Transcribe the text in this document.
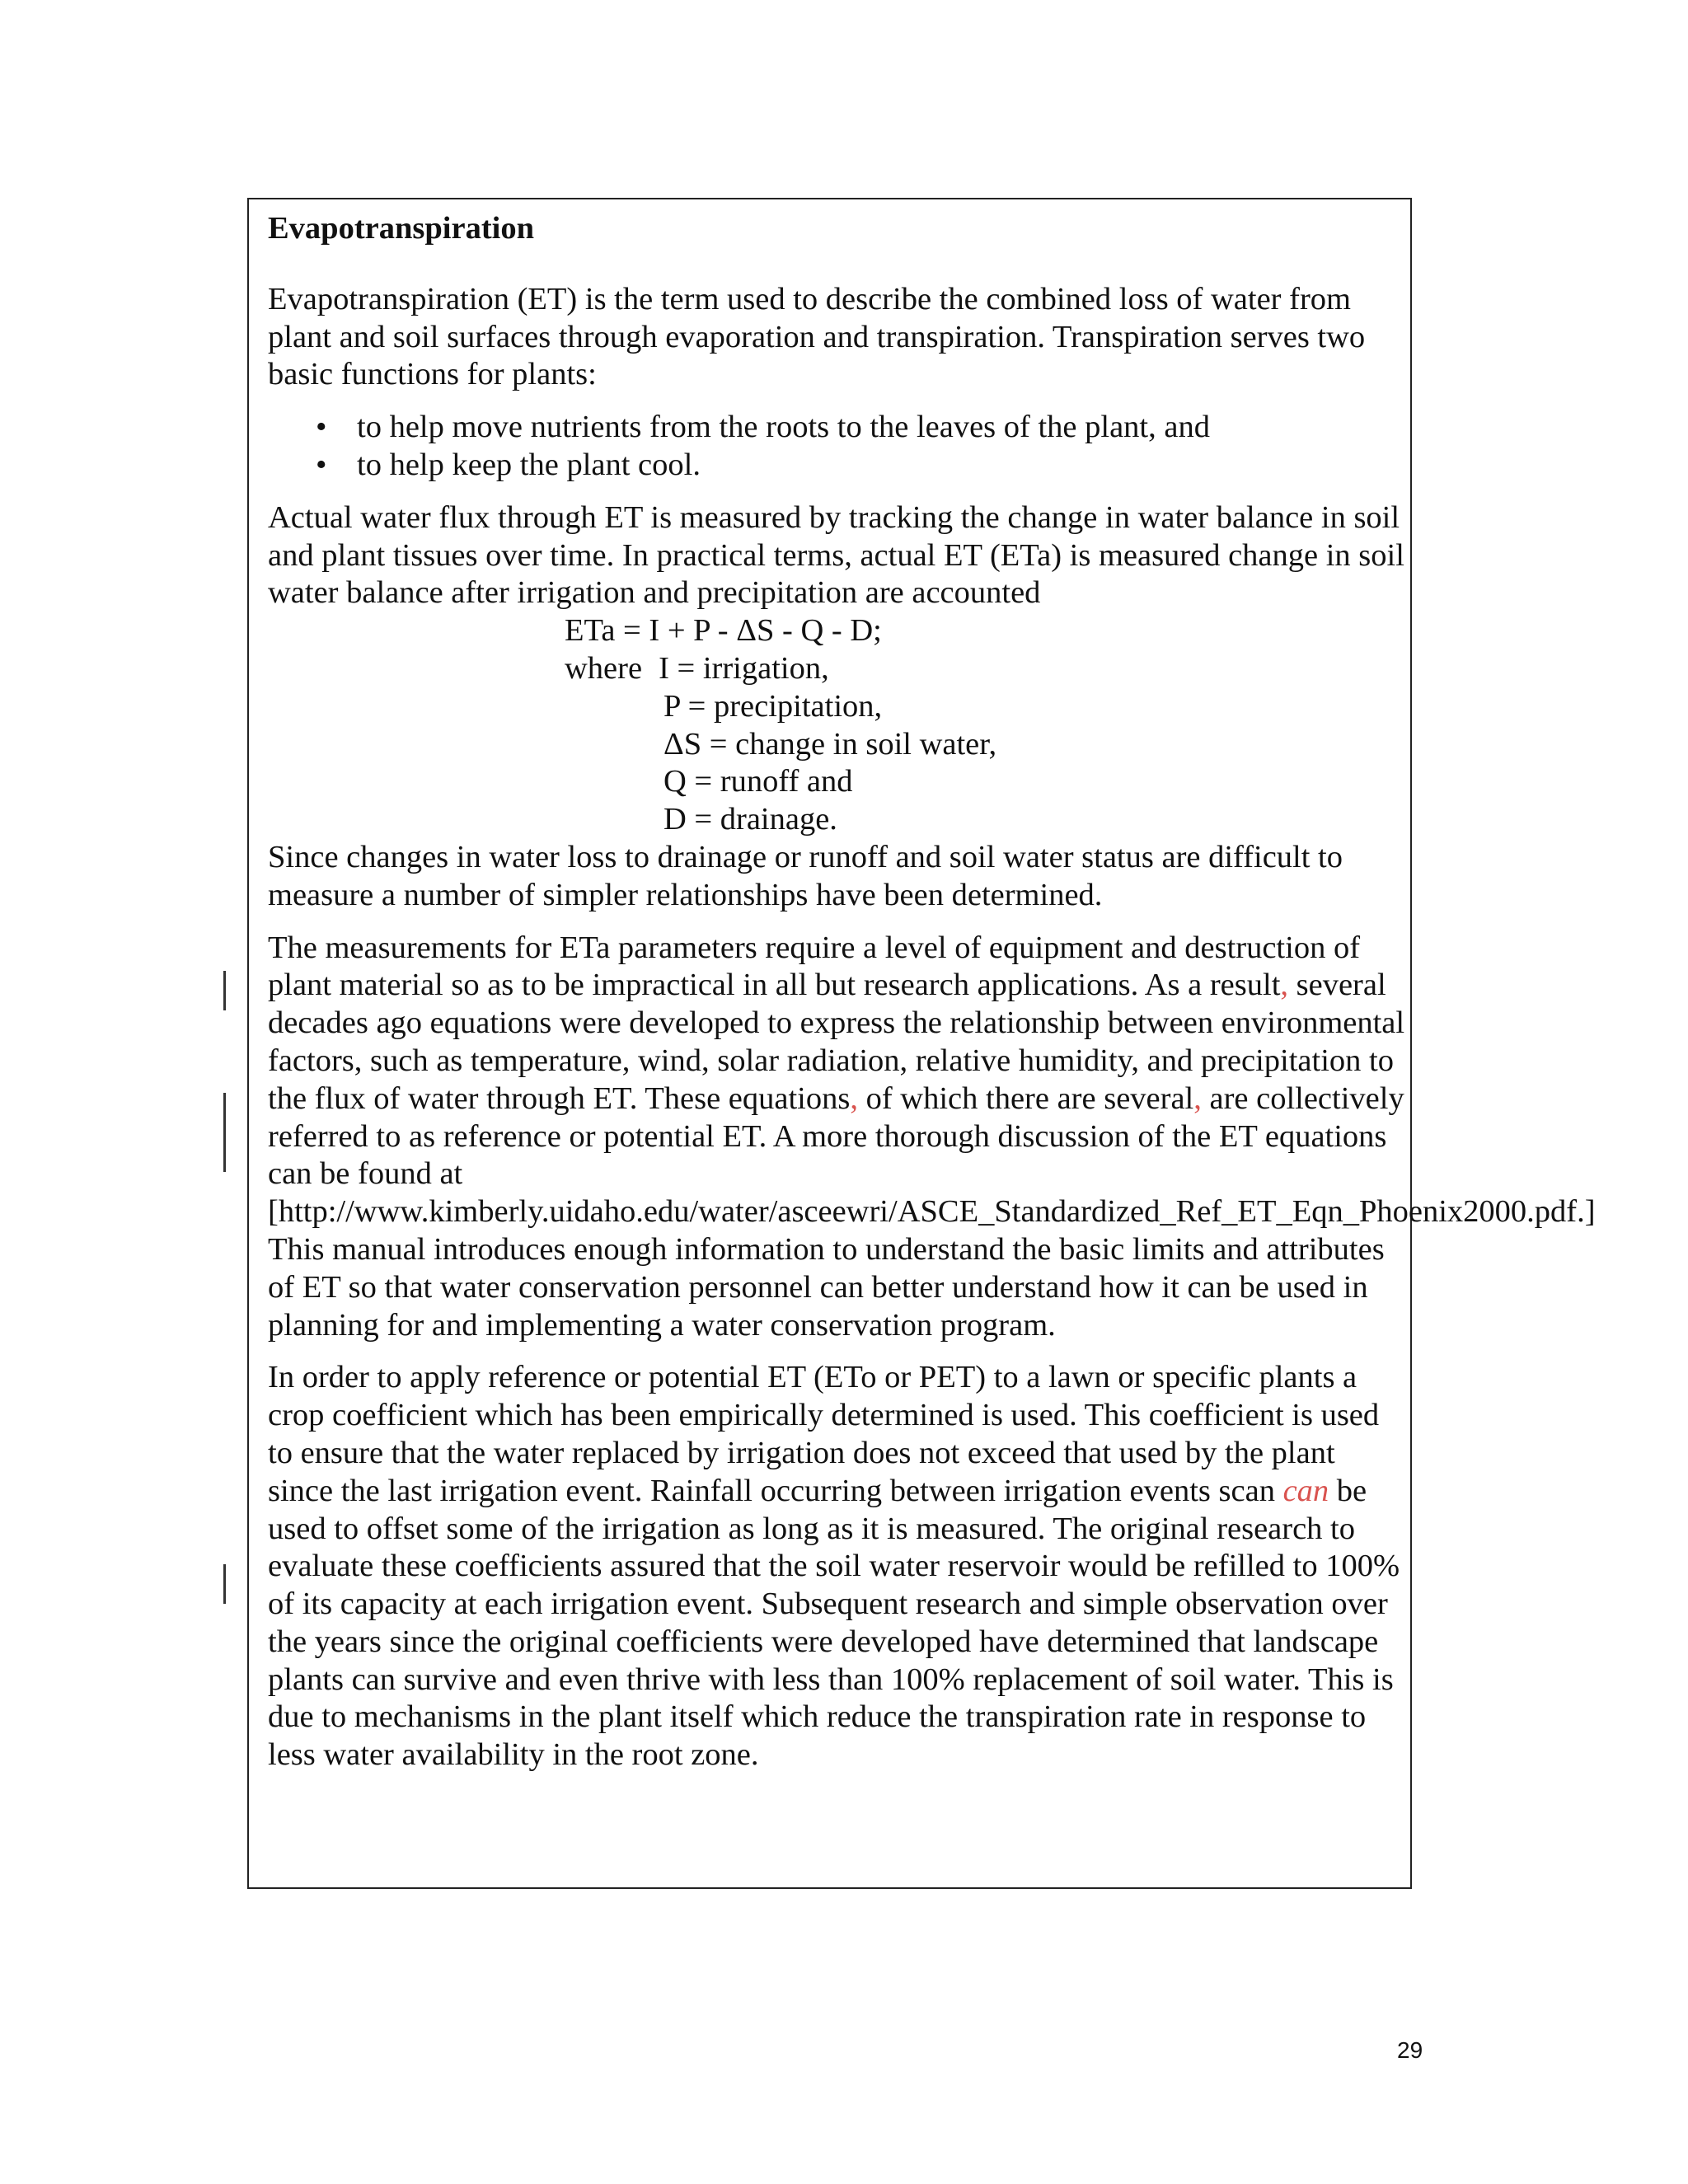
Evapotranspiration

Evapotranspiration (ET) is the term used to describe the combined loss of water from plant and soil surfaces through evaporation and transpiration. Transpiration serves two basic functions for plants:

• to help move nutrients from the roots to the leaves of the plant, and
• to help keep the plant cool.

Actual water flux through ET is measured by tracking the change in water balance in soil and plant tissues over time. In practical terms, actual ET (ETa) is measured change in soil water balance after irrigation and precipitation are accounted

ETa = I + P - ΔS - Q - D;
where I = irrigation,
P = precipitation,
ΔS = change in soil water,
Q = runoff and
D = drainage.

Since changes in water loss to drainage or runoff and soil water status are difficult to measure a number of simpler relationships have been determined.

The measurements for ETa parameters require a level of equipment and destruction of plant material so as to be impractical in all but research applications. As a result, several decades ago equations were developed to express the relationship between environmental factors, such as temperature, wind, solar radiation, relative humidity, and precipitation to the flux of water through ET. These equations, of which there are several, are collectively referred to as reference or potential ET. A more thorough discussion of the ET equations can be found at [http://www.kimberly.uidaho.edu/water/asceewri/ASCE_Standardized_Ref_ET_Eqn_Phoenix2000.pdf.] This manual introduces enough information to understand the basic limits and attributes of ET so that water conservation personnel can better understand how it can be used in planning for and implementing a water conservation program.

In order to apply reference or potential ET (ETo or PET) to a lawn or specific plants a crop coefficient which has been empirically determined is used. This coefficient is used to ensure that the water replaced by irrigation does not exceed that used by the plant since the last irrigation event. Rainfall occurring between irrigation events scan can be used to offset some of the irrigation as long as it is measured. The original research to evaluate these coefficients assured that the soil water reservoir would be refilled to 100% of its capacity at each irrigation event. Subsequent research and simple observation over the years since the original coefficients were developed have determined that landscape plants can survive and even thrive with less than 100% replacement of soil water. This is due to mechanisms in the plant itself which reduce the transpiration rate in response to less water availability in the root zone.

29
